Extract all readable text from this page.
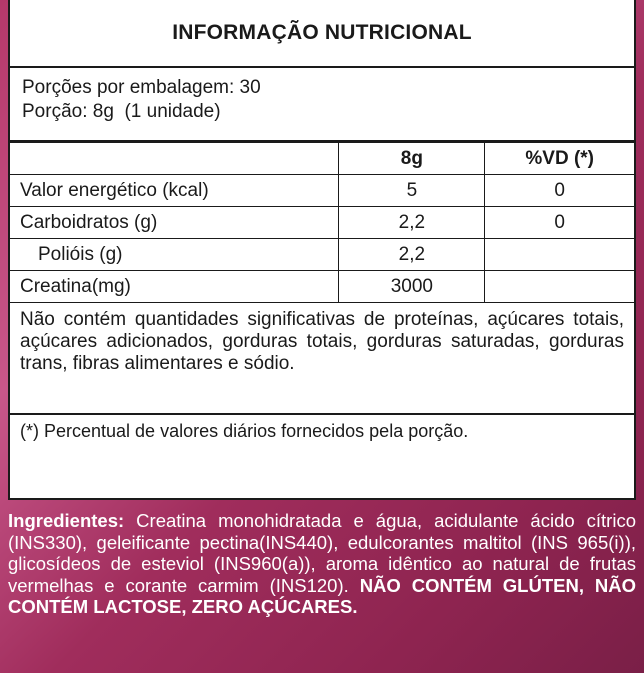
INFORMAÇÃO NUTRICIONAL
Porções por embalagem: 30
Porção: 8g  (1 unidade)
	8g	%VD (*)
Valor energético (kcal)	5	0
Carboidratos (g)	2,2	0
Polióis (g)	2,2	
Creatina(mg)	3000	
Não contém quantidades significativas de proteínas, açúcares totais, açúcares adicionados, gorduras totais, gorduras saturadas, gorduras trans, fibras alimentares e sódio.
(*) Percentual de valores diários fornecidos pela porção.
Ingredientes: Creatina monohidratada e água, acidulante ácido cítrico (INS330), geleificante pectina(INS440), edulcorantes maltitol (INS 965(i)), glicosídeos de esteviol (INS960(a)), aroma idêntico ao natural de frutas vermelhas e corante carmim (INS120). NÃO CONTÉM GLÚTEN, NÃO CONTÉM LACTOSE, ZERO AÇÚCARES.
